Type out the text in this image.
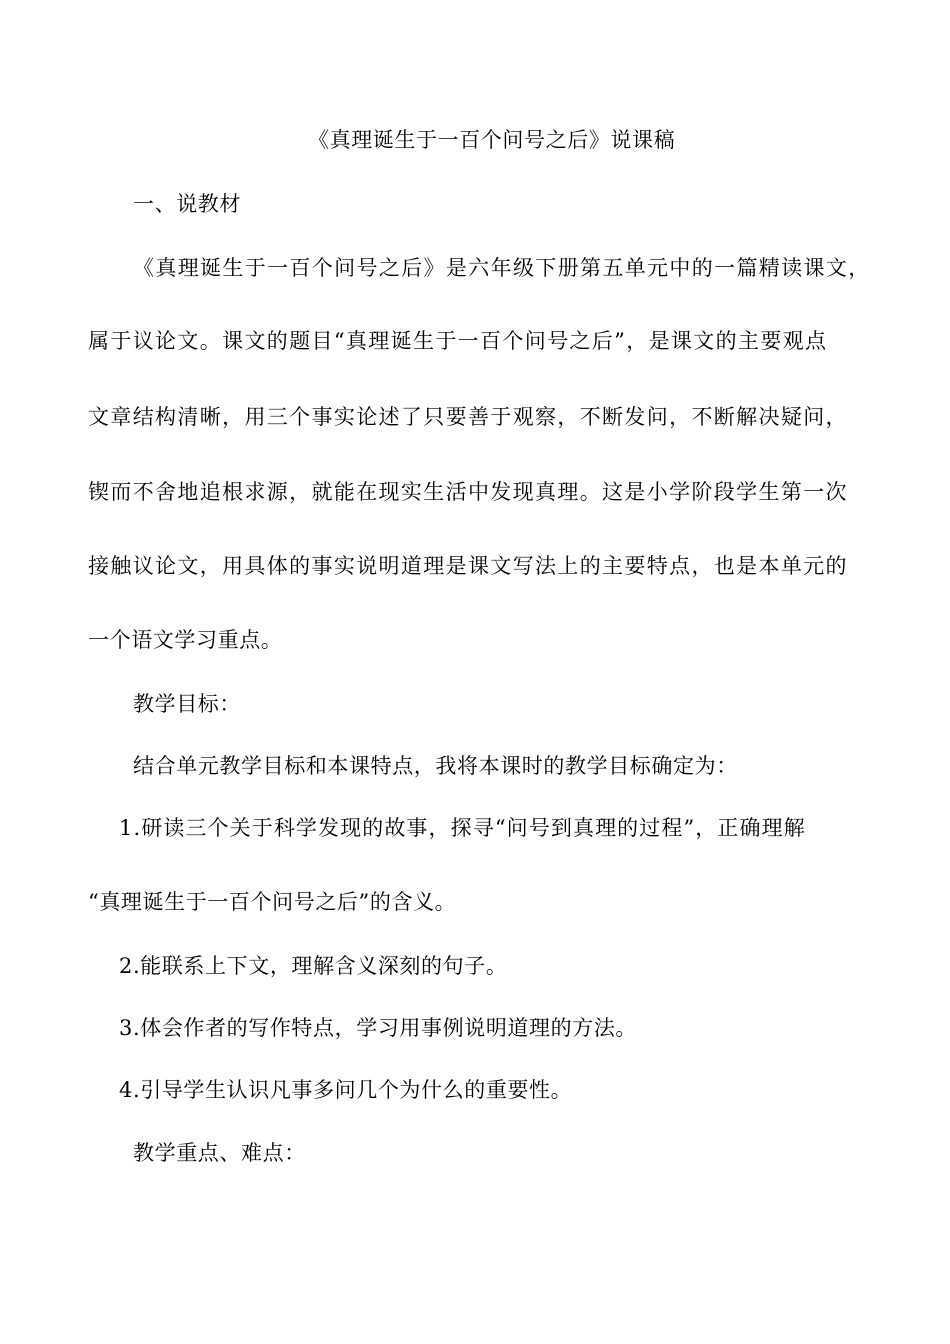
《真理诞生于一百个问号之后》说课稿
一、说教材
《真理诞生于一百个问号之后》是六年级下册第五单元中的一篇精读课文，
属于议论文。课文的题目“真理诞生于一百个问号之后”，是课文的主要观点
文章结构清晰，用三个事实论述了只要善于观察，不断发问，不断解决疑问，
锲而不舍地追根求源，就能在现实生活中发现真理。这是小学阶段学生第一次
接触议论文，用具体的事实说明道理是课文写法上的主要特点，也是本单元的
一个语文学习重点。
教学目标：
结合单元教学目标和本课特点，我将本课时的教学目标确定为：
1.研读三个关于科学发现的故事，探寻“问号到真理的过程”，正确理解
“真理诞生于一百个问号之后”的含义。
2.能联系上下文，理解含义深刻的句子。
3.体会作者的写作特点，学习用事例说明道理的方法。
4.引导学生认识凡事多问几个为什么的重要性。
教学重点、难点：
